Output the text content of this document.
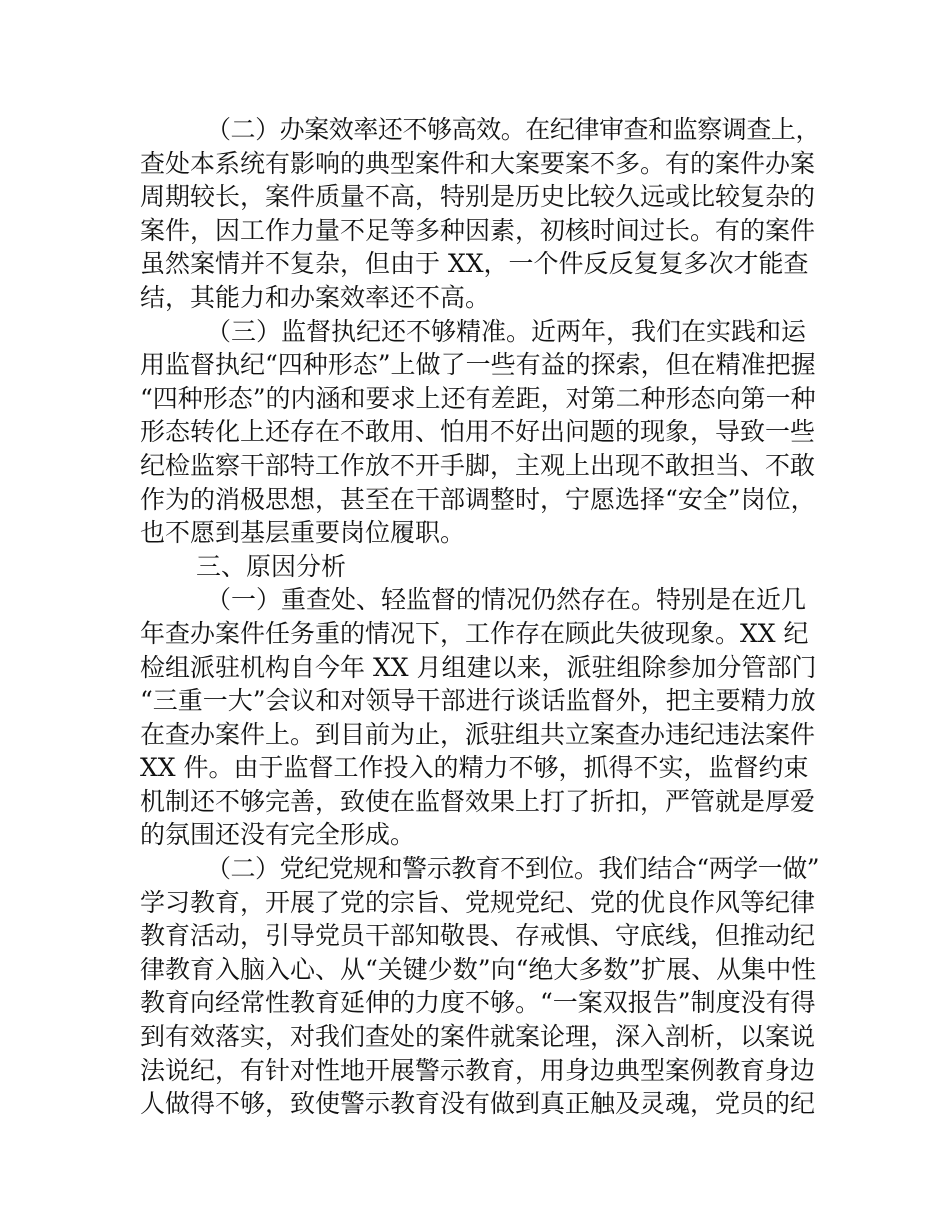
（二）办案效率还不够高效。在纪律审查和监察调查上，
查处本系统有影响的典型案件和大案要案不多。有的案件办案
周期较长，案件质量不高，特别是历史比较久远或比较复杂的
案件，因工作力量不足等多种因素，初核时间过长。有的案件
虽然案情并不复杂，但由于 XX，一个件反反复复多次才能查
结，其能力和办案效率还不高。
（三）监督执纪还不够精准。近两年，我们在实践和运
用监督执纪“四种形态”上做了一些有益的探索，但在精准把握
“四种形态”的内涵和要求上还有差距，对第二种形态向第一种
形态转化上还存在不敢用、怕用不好出问题的现象，导致一些
纪检监察干部特工作放不开手脚，主观上出现不敢担当、不敢
作为的消极思想，甚至在干部调整时，宁愿选择“安全”岗位，
也不愿到基层重要岗位履职。
三、原因分析
（一）重查处、轻监督的情况仍然存在。特别是在近几
年查办案件任务重的情况下，工作存在顾此失彼现象。XX 纪
检组派驻机构自今年 XX 月组建以来，派驻组除参加分管部门
“三重一大”会议和对领导干部进行谈话监督外，把主要精力放
在查办案件上。到目前为止，派驻组共立案查办违纪违法案件
XX 件。由于监督工作投入的精力不够，抓得不实，监督约束
机制还不够完善，致使在监督效果上打了折扣，严管就是厚爱
的氛围还没有完全形成。
（二）党纪党规和警示教育不到位。我们结合“两学一做”
学习教育，开展了党的宗旨、党规党纪、党的优良作风等纪律
教育活动，引导党员干部知敬畏、存戒惧、守底线，但推动纪
律教育入脑入心、从“关键少数”向“绝大多数”扩展、从集中性
教育向经常性教育延伸的力度不够。“一案双报告”制度没有得
到有效落实，对我们查处的案件就案论理，深入剖析，以案说
法说纪，有针对性地开展警示教育，用身边典型案例教育身边
人做得不够，致使警示教育没有做到真正触及灵魂，党员的纪
